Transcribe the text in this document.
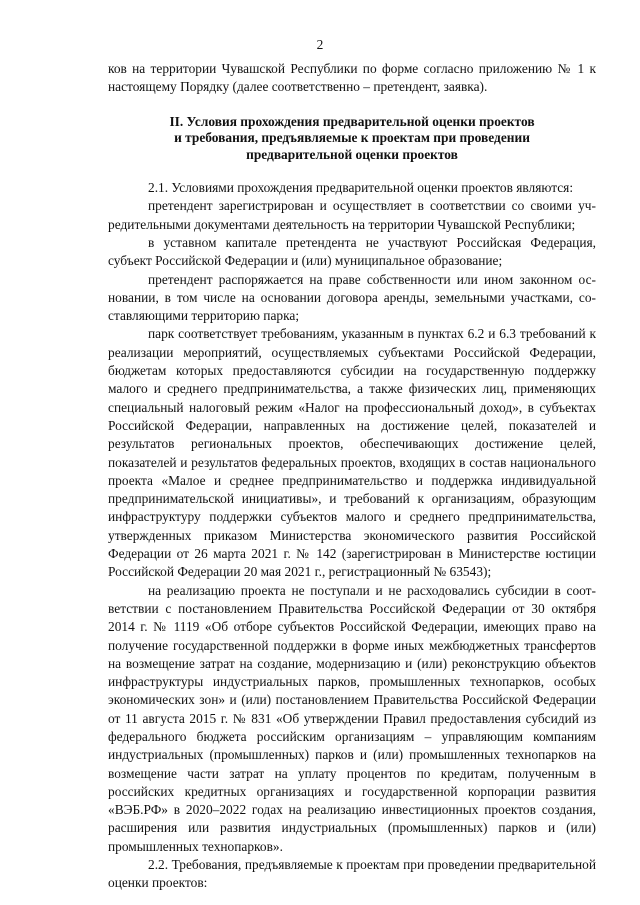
2

ков на территории Чувашской Республики по форме согласно приложению № 1 к настоящему Порядку (далее соответственно – претендент, заявка).

II. Условия прохождения предварительной оценки проектов
и требования, предъявляемые к проектам при проведении
предварительной оценки проектов

2.1. Условиями прохождения предварительной оценки проектов являются:

претендент зарегистрирован и осуществляет в соответствии со своими учредительными документами деятельность на территории Чувашской Республики;

в уставном капитале претендента не участвуют Российская Федерация, субъект Российской Федерации и (или) муниципальное образование;

претендент распоряжается на праве собственности или ином законном основании, в том числе на основании договора аренды, земельными участками, составляющими территорию парка;

парк соответствует требованиям, указанным в пунктах 6.2 и 6.3 требований к реализации мероприятий, осуществляемых субъектами Российской Федерации, бюджетам которых предоставляются субсидии на государственную поддержку малого и среднего предпринимательства, а также физических лиц, применяющих специальный налоговый режим «Налог на профессиональный доход», в субъектах Российской Федерации, направленных на достижение целей, показателей и результатов региональных проектов, обеспечивающих достижение целей, показателей и результатов федеральных проектов, входящих в состав национального проекта «Малое и среднее предпринимательство и поддержка индивидуальной предпринимательской инициативы», и требований к организациям, образующим инфраструктуру поддержки субъектов малого и среднего предпринимательства, утвержденных приказом Министерства экономического развития Российской Федерации от 26 марта 2021 г. № 142 (зарегистрирован в Министерстве юстиции Российской Федерации 20 мая 2021 г., регистрационный № 63543);

на реализацию проекта не поступали и не расходовались субсидии в соответствии с постановлением Правительства Российской Федерации от 30 октября 2014 г. № 1119 «Об отборе субъектов Российской Федерации, имеющих право на получение государственной поддержки в форме иных межбюджетных трансфертов на возмещение затрат на создание, модернизацию и (или) реконструкцию объектов инфраструктуры индустриальных парков, промышленных технопарков, особых экономических зон» и (или) постановлением Правительства Российской Федерации от 11 августа 2015 г. № 831 «Об утверждении Правил предоставления субсидий из федерального бюджета российским организациям – управляющим компаниям индустриальных (промышленных) парков и (или) промышленных технопарков на возмещение части затрат на уплату процентов по кредитам, полученным в российских кредитных организациях и государственной корпорации развития «ВЭБ.РФ» в 2020–2022 годах на реализацию инвестиционных проектов создания, расширения или развития индустриальных (промышленных) парков и (или) промышленных технопарков».

2.2. Требования, предъявляемые к проектам при проведении предварительной оценки проектов:
